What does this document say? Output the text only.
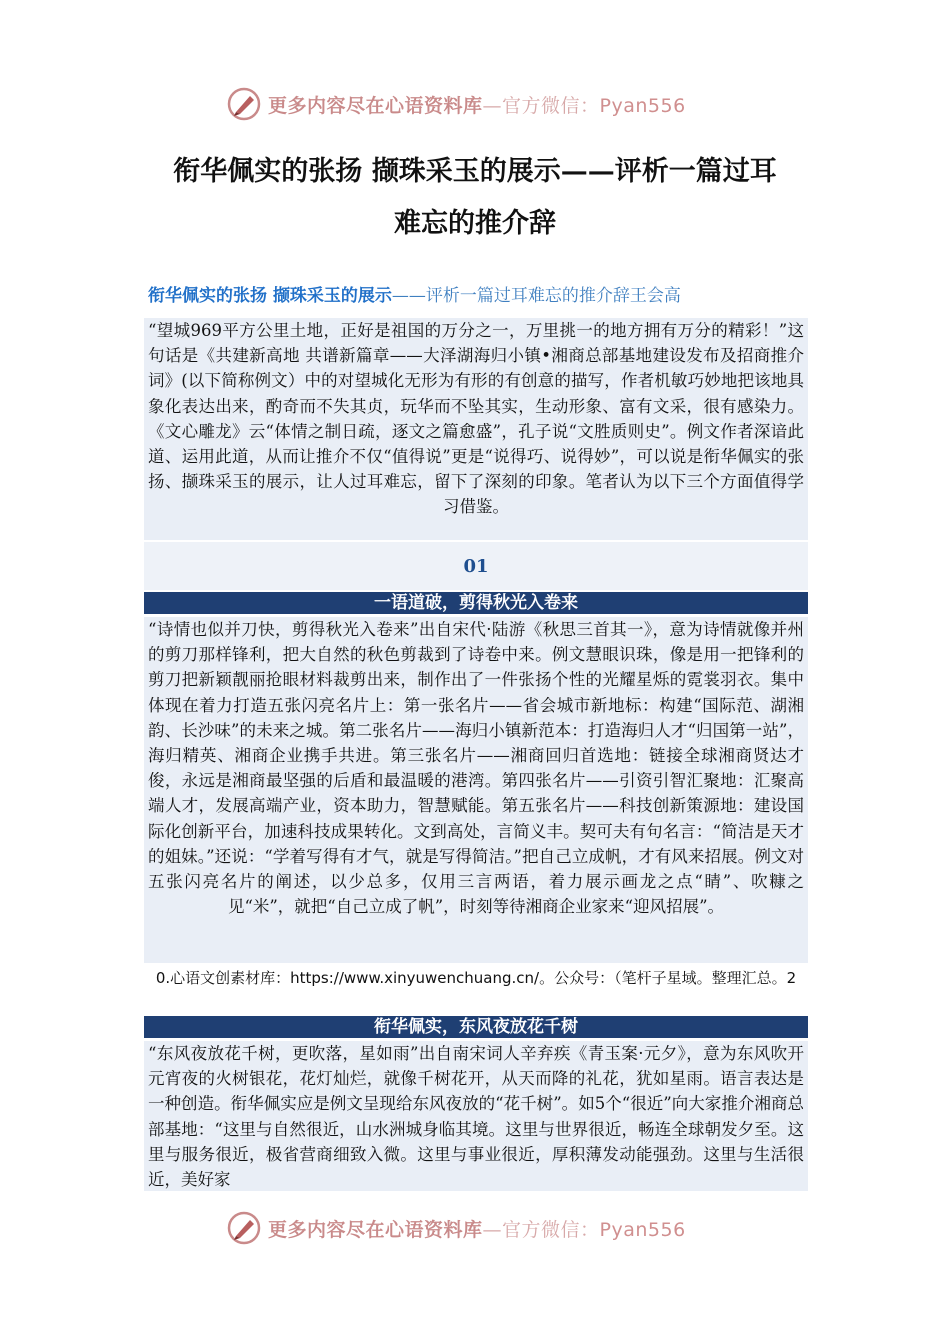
更多内容尽在心语资料库—官方微信：Pyan556
衔华佩实的张扬 撷珠采玉的展示——评析一篇过耳
难忘的推介辞
衔华佩实的张扬 撷珠采玉的展示——评析一篇过耳难忘的推介辞王会高

“望城969平方公里土地，正好是祖国的万分之一，万里挑一的地方拥有万分的精彩！”这句话是《共建新高地 共谱新篇章——大泽湖海归小镇•湘商总部基地建设发布及招商推介词》(以下简称例文）中的对望城化无形为有形的有创意的描写，作者机敏巧妙地把该地具象化表达出来，酌奇而不失其贞，玩华而不坠其实，生动形象、富有文采，很有感染力。《文心雕龙》云“体情之制日疏，逐文之篇愈盛”，孔子说“文胜质则史”。例文作者深谙此道、运用此道，从而让推介不仅“值得说”更是“说得巧、说得妙”，可以说是衔华佩实的张扬、撷珠采玉的展示，让人过耳难忘，留下了深刻的印象。笔者认为以下三个方面值得学习借鉴。

01
一语道破，剪得秋光入卷来

“诗情也似并刀快，剪得秋光入卷来”出自宋代·陆游《秋思三首其一》，意为诗情就像并州的剪刀那样锋利，把大自然的秋色剪裁到了诗卷中来。例文慧眼识珠，像是用一把锋利的剪刀把新颖靓丽抢眼材料裁剪出来，制作出了一件张扬个性的光耀星烁的霓裳羽衣。集中体现在着力打造五张闪亮名片上：第一张名片——省会城市新地标：构建“国际范、湖湘韵、长沙味”的未来之城。第二张名片——海归小镇新范本：打造海归人才“归国第一站”，海归精英、湘商企业携手共进。第三张名片——湘商回归首选地：链接全球湘商贤达才俊，永远是湘商最坚强的后盾和最温暖的港湾。第四张名片——引资引智汇聚地：汇聚高端人才，发展高端产业，资本助力，智慧赋能。第五张名片——科技创新策源地：建设国际化创新平台，加速科技成果转化。文到高处，言简义丰。契可夫有句名言：“简洁是天才的姐妹。”还说：“学着写得有才气，就是写得简洁。”把自己立成帆，才有风来招展。例文对五张闪亮名片的阐述，以少总多，仅用三言两语，着力展示画龙之点“睛”、吹糠之见“米”，就把“自己立成了帆”，时刻等待湘商企业家来“迎风招展”。

0.心语文创素材库：https://www.xinyuwenchuang.cn/。公众号：（笔杆子星域。整理汇总。2
衔华佩实，东风夜放花千树

“东风夜放花千树，更吹落，星如雨”出自南宋词人辛弃疾《青玉案·元夕》，意为东风吹开元宵夜的火树银花，花灯灿烂，就像千树花开，从天而降的礼花，犹如星雨。语言表达是一种创造。衔华佩实应是例文呈现给东风夜放的“花千树”。如5个“很近”向大家推介湘商总部基地：“这里与自然很近，山水洲城身临其境。这里与世界很近，畅连全球朝发夕至。这里与服务很近，极省营商细致入微。这里与事业很近，厚积薄发动能强劲。这里与生活很近，美好家

更多内容尽在心语资料库—官方微信：Pyan556
